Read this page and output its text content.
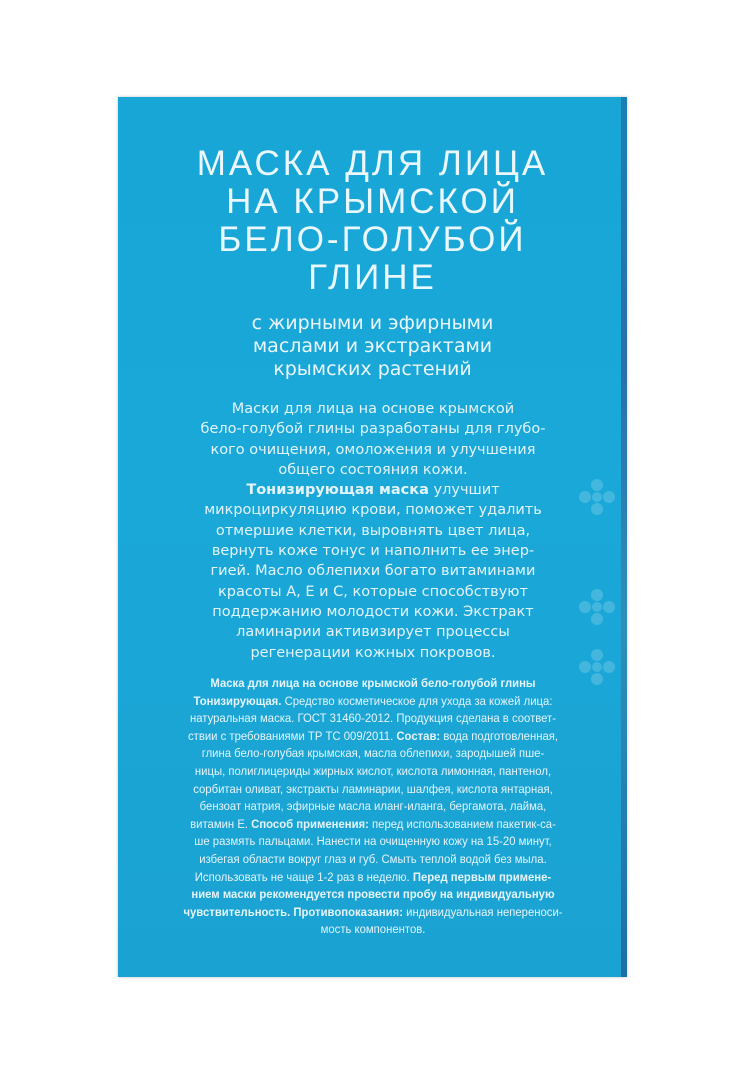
МАСКА ДЛЯ ЛИЦА
НА КРЫМСКОЙ
БЕЛО-ГОЛУБОЙ
ГЛИНЕ
с жирными и эфирными
маслами и экстрактами
крымских растений
Маски для лица на основе крымской
бело-голубой глины разработаны для глубо-
кого очищения, омоложения и улучшения
общего состояния кожи.
Тонизирующая маска улучшит
микроциркуляцию крови, поможет удалить
отмершие клетки, выровнять цвет лица,
вернуть коже тонус и наполнить ее энер-
гией. Масло облепихи богато витаминами
красоты А, Е и С, которые способствуют
поддержанию молодости кожи. Экстракт
ламинарии активизирует процессы
регенерации кожных покровов.
Маска для лица на основе крымской бело-голубой глины
Тонизирующая. Средство косметическое для ухода за кожей лица:
натуральная маска. ГОСТ 31460-2012. Продукция сделана в соответ-
ствии с требованиями ТР ТС 009/2011. Состав: вода подготовленная,
глина бело-голубая крымская, масла облепихи, зародышей пше-
ницы, полиглицериды жирных кислот, кислота лимонная, пантенол,
сорбитан оливат, экстракты ламинарии, шалфея, кислота янтарная,
бензоат натрия, эфирные масла иланг-иланга, бергамота, лайма,
витамин Е. Способ применения: перед использованием пакетик-са-
ше размять пальцами. Нанести на очищенную кожу на 15-20 минут,
избегая области вокруг глаз и губ. Смыть теплой водой без мыла.
Использовать не чаще 1-2 раз в неделю. Перед первым примене-
нием маски рекомендуется провести пробу на индивидуальную
чувствительность. Противопоказания: индивидуальная непереноси-
мость компонентов.
